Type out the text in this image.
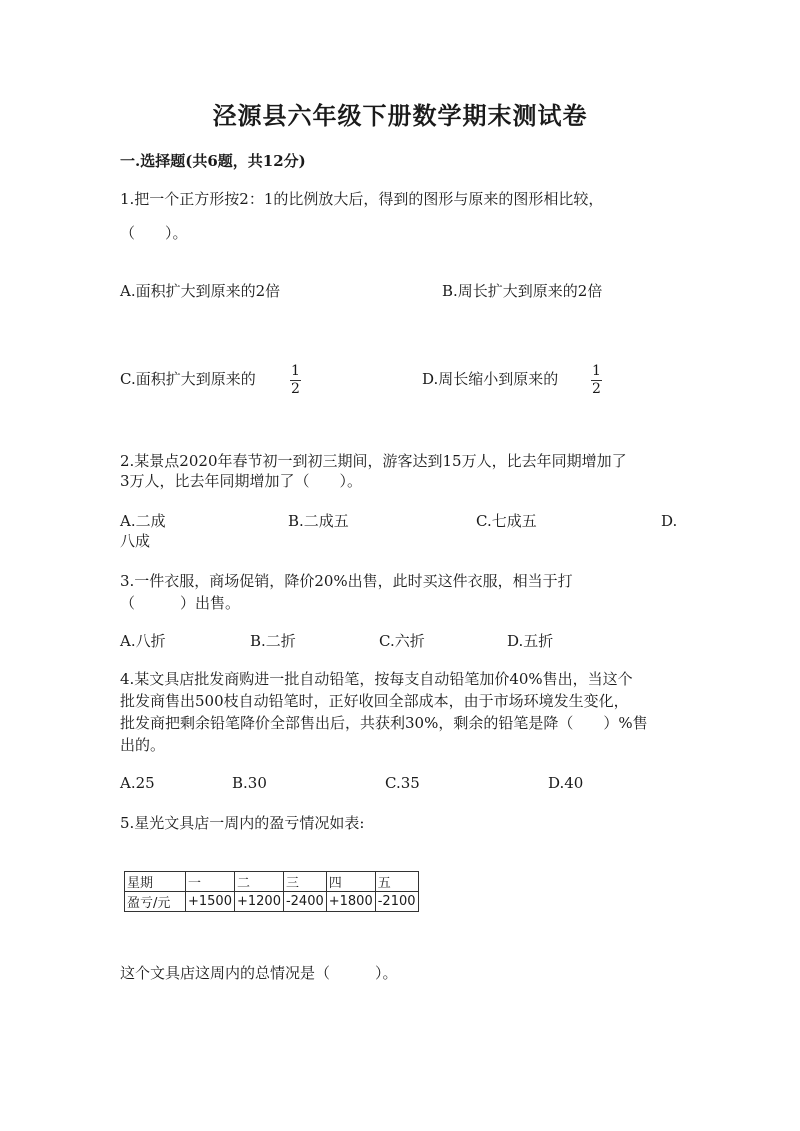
泾源县六年级下册数学期末测试卷
一.选择题(共6题，共12分)
1.把一个正方形按2：1的比例放大后，得到的图形与原来的图形相比较，
（　　）。
A.面积扩大到原来的2倍	B.周长扩大到原来的2倍
C.面积扩大到原来的	1
2
D.周长缩小到原来的 1
2
2.某景点2020年春节初一到初三期间，游客达到15万人，比去年同期增加了
3万人，比去年同期增加了（　　）。
A.二成	B.二成五	C.七成五	D.
八成
3.一件衣服，商场促销，降价20%出售，此时买这件衣服，相当于打
（　　　）出售。
A.八折	B.二折	C.六折	D.五折
4.某文具店批发商购进一批自动铅笔，按每支自动铅笔加价40%售出，当这个
批发商售出500枝自动铅笔时，正好收回全部成本，由于市场环境发生变化，
批发商把剩余铅笔降价全部售出后，共获利30%，剩余的铅笔是降（　　）%售
出的。
A.25	B.30	C.35	D.40
5.星光文具店一周内的盈亏情况如表:
星期	一	二	三	四	五
盈亏/元	+1500	+1200	-2400	+1800	-2100
这个文具店这周内的总情况是（　　　）。
